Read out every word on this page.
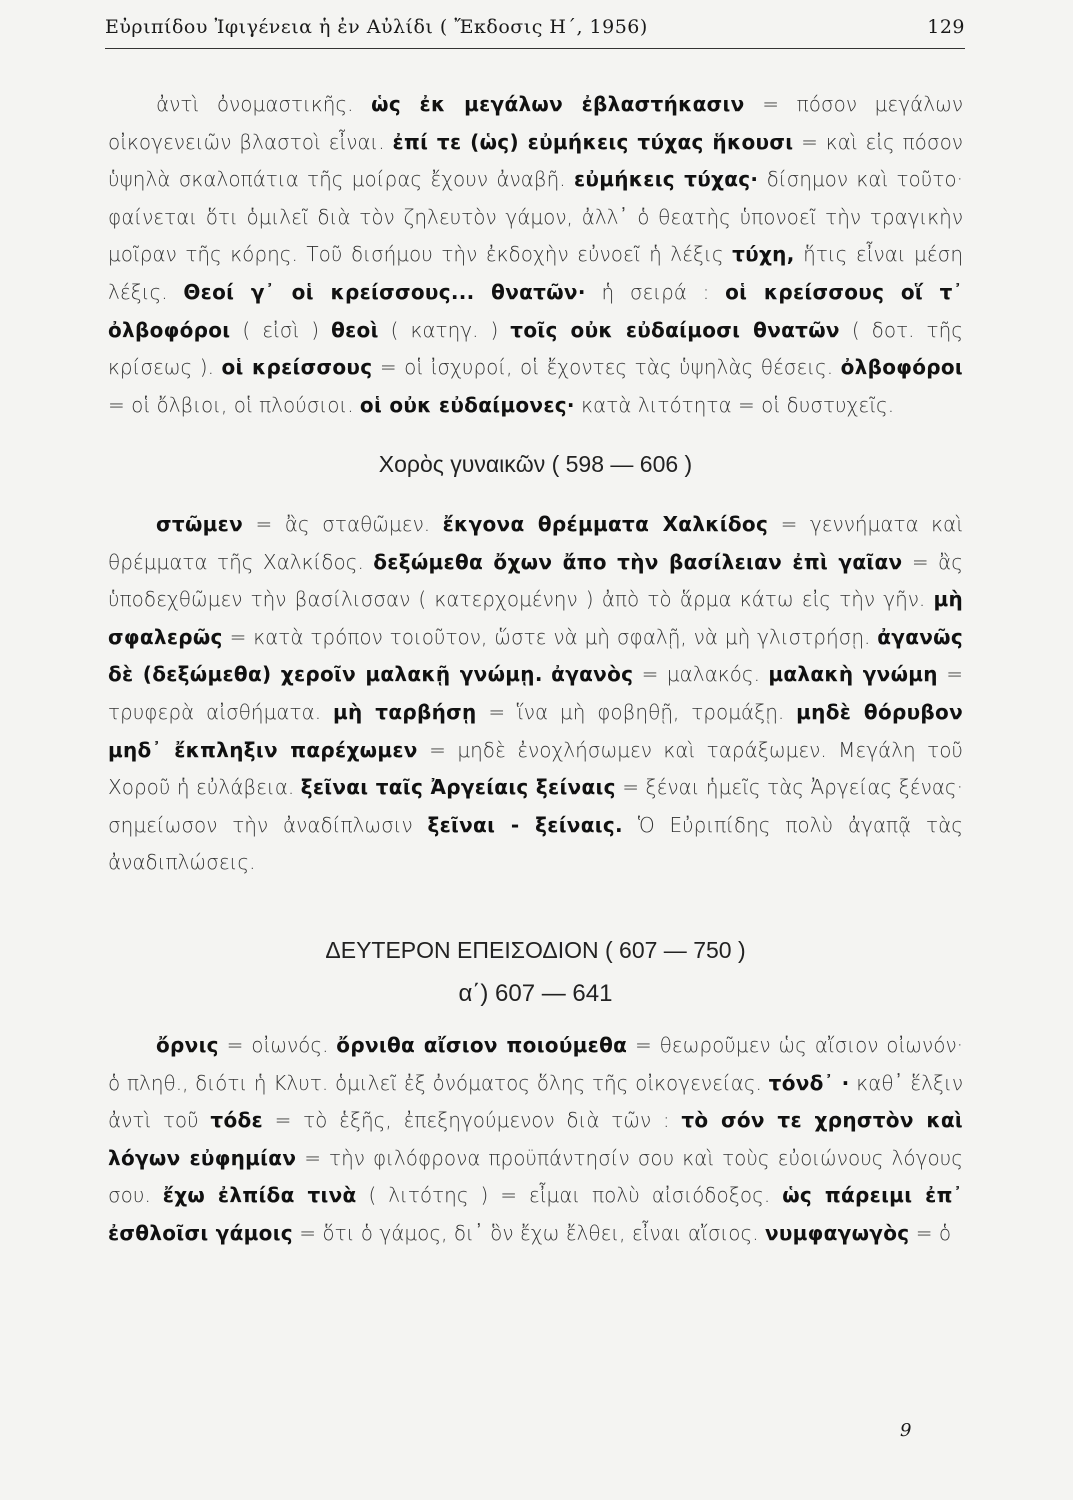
Εὐριπίδου Ἰφιγένεια ἡ ἐν Αὐλίδι ( Ἔκδοσις Η΄, 1956)	129

ἀντὶ ὀνομαστικῆς. ὡς ἐκ μεγάλων ἐβλαστήκασιν = πόσον μεγάλων οἰκογενειῶν βλαστοὶ εἶναι. ἐπί τε (ὡς) εὐμήκεις τύχας ἥκουσι = καὶ εἰς πόσον ὑψηλὰ σκαλοπάτια τῆς μοίρας ἔχουν ἀναβῆ. εὐμήκεις τύχας· δίσημον καὶ τοῦτο· φαίνεται ὅτι ὁμιλεῖ διὰ τὸν ζηλευτὸν γάμον, ἀλλ᾿ ὁ θεατὴς ὑπονοεῖ τὴν τραγικὴν μοῖραν τῆς κόρης. Τοῦ δισήμου τὴν ἐκδοχὴν εὐνοεῖ ἡ λέξις τύχη, ἥτις εἶναι μέση λέξις. Θεοί γ᾿ οἱ κρείσσους... θνατῶν· ἡ σειρά : οἱ κρείσσους οἵ τ᾿ ὀλβοφόροι ( εἰσὶ ) θεοὶ ( κατηγ. ) τοῖς οὐκ εὐδαίμοσι θνατῶν ( δοτ. τῆς κρίσεως ). οἱ κρείσσους = οἱ ἰσχυροί, οἱ ἔχοντες τὰς ὑψηλὰς θέσεις. ὀλβοφόροι = οἱ ὄλβιοι, οἱ πλούσιοι. οἱ οὐκ εὐδαίμονες· κατὰ λιτότητα = οἱ δυστυχεῖς.

Χορὸς γυναικῶν ( 598 — 606 )

στῶμεν = ἂς σταθῶμεν. ἔκγονα θρέμματα Χαλκίδος = γεννήματα καὶ θρέμματα τῆς Χαλκίδος. δεξώμεθα ὄχων ἄπο τὴν βασίλειαν ἐπὶ γαῖαν = ἂς ὑποδεχθῶμεν τὴν βασίλισσαν ( κατερχομένην ) ἀπὸ τὸ ἅρμα κάτω εἰς τὴν γῆν. μὴ σφαλερῶς = κατὰ τρόπον τοιοῦτον, ὥστε νὰ μὴ σφαλῇ, νὰ μὴ γλιστρήσῃ. ἀγανῶς δὲ (δεξώμεθα) χεροῖν μαλακῇ γνώμῃ. ἀγανὸς = μαλακός. μαλακὴ γνώμη = τρυφερὰ αἰσθήματα. μὴ ταρβήσῃ = ἵνα μὴ φοβηθῇ, τρομάξῃ. μηδὲ θόρυβον μηδ᾿ ἔκπληξιν παρέχωμεν = μηδὲ ἐνοχλήσωμεν καὶ ταράξωμεν. Μεγάλη τοῦ Χοροῦ ἡ εὐλάβεια. ξεῖναι ταῖς Ἀργείαις ξείναις = ξέναι ἡμεῖς τὰς Ἀργείας ξένας· σημείωσον τὴν ἀναδίπλωσιν ξεῖναι - ξείναις. Ὁ Εὐριπίδης πολὺ ἀγαπᾷ τὰς ἀναδιπλώσεις.

ΔΕΥΤΕΡΟΝ ΕΠΕΙΣΟΔΙΟΝ ( 607 — 750 )

α΄) 607 — 641

ὄρνις = οἰωνός. ὄρνιθα αἴσιον ποιούμεθα = θεωροῦμεν ὡς αἴσιον οἰωνόν· ὁ πληθ., διότι ἡ Κλυτ. ὁμιλεῖ ἐξ ὀνόματος ὅλης τῆς οἰκογενείας. τόνδ᾿ · καθ᾿ ἕλξιν ἀντὶ τοῦ τόδε = τὸ ἑξῆς, ἐπεξηγούμενον διὰ τῶν : τὸ σόν τε χρηστὸν καὶ λόγων εὐφημίαν = τὴν φιλόφρονα προϋπάντησίν σου καὶ τοὺς εὐοιώνους λόγους σου. ἔχω ἐλπίδα τινὰ ( λιτότης ) = εἶμαι πολὺ αἰσιόδοξος. ὡς πάρειμι ἐπ᾿ ἐσθλοῖσι γάμοις = ὅτι ὁ γάμος, δι᾿ ὃν ἔχω ἔλθει, εἶναι αἴσιος. νυμφαγωγὸς = ὁ

9
